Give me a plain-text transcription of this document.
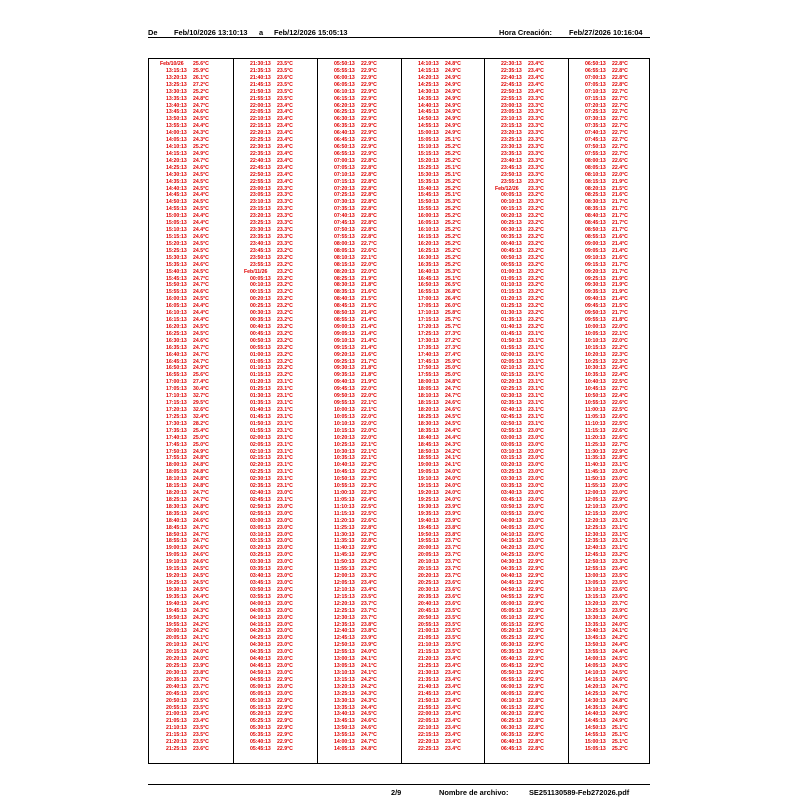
De Feb/10/2026 13:10:13 a Feb/12/2026 15:05:13	Hora Creación: Feb/27/2026 10:16:04
Feb/10/26 25.6°C
13:15:13 25.9°C
13:20:13 26.1°C
13:25:13 27.2°C
13:30:13 25.2°C
13:35:13 24.8°C
13:40:13 24.7°C
13:45:13 24.6°C
13:50:13 24.5°C
13:55:13 24.4°C
14:00:13 24.3°C
14:05:13 24.3°C
14:10:13 25.2°C
14:15:13 24.9°C
14:20:13 24.7°C
14:25:13 24.6°C
14:30:13 24.5°C
14:35:13 24.5°C
14:40:13 24.5°C
14:45:13 24.4°C
14:50:13 24.5°C
14:55:13 24.5°C
15:00:13 24.4°C
15:05:13 24.4°C
15:10:13 24.4°C
15:15:13 24.6°C
15:20:13 24.5°C
15:25:13 24.5°C
15:30:13 24.6°C
15:35:13 24.6°C
15:40:13 24.5°C
15:45:13 24.7°C
15:50:13 24.7°C
15:55:13 24.6°C
16:00:13 24.5°C
16:05:13 24.4°C
16:10:13 24.4°C
16:15:13 24.4°C
16:20:13 24.5°C
16:25:13 24.5°C
16:30:13 24.6°C
16:35:13 24.7°C
16:40:13 24.7°C
16:45:13 24.7°C
16:50:13 24.9°C
16:55:13 25.6°C
17:00:13 27.4°C
17:05:13 30.4°C
17:10:13 32.7°C
17:15:13 29.5°C
17:20:13 32.6°C
17:25:13 32.4°C
17:30:13 28.2°C
17:35:13 25.4°C
17:40:13 25.0°C
17:45:13 25.0°C
17:50:13 24.9°C
17:55:13 24.8°C
18:00:13 24.8°C
18:05:13 24.8°C
18:10:13 24.8°C
18:15:13 24.8°C
18:20:13 24.7°C
18:25:13 24.7°C
18:30:13 24.8°C
18:35:13 24.6°C
18:40:13 24.6°C
18:45:13 24.7°C
18:50:13 24.7°C
18:55:13 24.7°C
19:00:13 24.6°C
19:05:13 24.6°C
19:10:13 24.6°C
19:15:13 24.5°C
19:20:13 24.5°C
19:25:13 24.5°C
19:30:13 24.5°C
19:35:13 24.4°C
19:40:13 24.4°C
19:45:13 24.3°C
19:50:13 24.3°C
19:55:13 24.2°C
20:00:13 24.2°C
20:05:13 24.1°C
20:10:13 24.1°C
20:15:13 24.0°C
20:20:13 24.0°C
20:25:13 23.9°C
20:30:13 23.8°C
20:35:13 23.7°C
20:40:13 23.7°C
20:45:13 23.6°C
20:50:13 23.5°C
20:55:13 23.5°C
21:00:13 23.4°C
21:05:13 23.4°C
21:10:13 23.5°C
21:15:13 23.5°C
21:20:13 23.5°C
21:25:13 23.6°C
21:30:13 23.5°C
21:35:13 23.5°C
21:40:13 23.6°C
21:45:13 23.5°C
21:50:13 23.5°C
21:55:13 23.5°C
22:00:13 23.4°C
22:05:13 23.4°C
22:10:13 23.4°C
22:15:13 23.4°C
22:20:13 23.4°C
22:25:13 23.4°C
22:30:13 23.4°C
22:35:13 23.4°C
22:40:13 23.4°C
22:45:13 23.4°C
22:50:13 23.4°C
22:55:13 23.4°C
23:00:13 23.3°C
23:05:13 23.3°C
23:10:13 23.3°C
23:15:13 23.3°C
23:20:13 23.3°C
23:25:13 23.3°C
23:30:13 23.3°C
23:35:13 23.3°C
23:40:13 23.3°C
23:45:13 23.2°C
23:50:13 23.2°C
23:55:13 23.2°C
Feb/11/26 23.2°C
00:05:13 23.2°C
00:10:13 23.2°C
00:15:13 23.2°C
00:20:13 23.2°C
00:25:13 23.2°C
00:30:13 23.2°C
00:35:13 23.2°C
00:40:13 23.2°C
00:45:13 23.2°C
00:50:13 23.2°C
00:55:13 23.2°C
01:00:13 23.2°C
01:05:13 23.2°C
01:10:13 23.2°C
01:15:13 23.2°C
01:20:13 23.1°C
01:25:13 23.1°C
01:30:13 23.1°C
01:35:13 23.1°C
01:40:13 23.1°C
01:45:13 23.1°C
01:50:13 23.1°C
01:55:13 23.1°C
02:00:13 23.1°C
02:05:13 23.1°C
02:10:13 23.1°C
02:15:13 23.1°C
02:20:13 23.1°C
02:25:13 23.1°C
02:30:13 23.1°C
02:35:13 23.1°C
02:40:13 23.0°C
02:45:13 23.1°C
02:50:13 23.0°C
02:55:13 23.0°C
03:00:13 23.0°C
03:05:13 23.0°C
03:10:13 23.0°C
03:15:13 23.0°C
03:20:13 23.0°C
03:25:13 23.0°C
03:30:13 23.0°C
03:35:13 23.0°C
03:40:13 23.0°C
03:45:13 23.0°C
03:50:13 23.0°C
03:55:13 23.0°C
04:00:13 23.0°C
04:05:13 23.0°C
04:10:13 23.0°C
04:15:13 23.0°C
04:20:13 23.0°C
04:25:13 23.0°C
04:30:13 23.0°C
04:35:13 23.0°C
04:40:13 23.0°C
04:45:13 23.0°C
04:50:13 23.0°C
04:55:13 22.9°C
05:00:13 23.0°C
05:05:13 23.0°C
05:10:13 22.9°C
05:15:13 22.9°C
05:20:13 22.9°C
05:25:13 22.9°C
05:30:13 22.9°C
05:35:13 22.9°C
05:40:13 22.9°C
05:45:13 22.9°C
05:50:13 22.9°C
05:55:13 22.9°C
06:00:13 22.9°C
06:05:13 22.9°C
06:10:13 22.9°C
06:15:13 22.9°C
06:20:13 22.9°C
06:25:13 22.9°C
06:30:13 22.9°C
06:35:13 22.9°C
06:40:13 22.9°C
06:45:13 22.9°C
06:50:13 22.9°C
06:55:13 22.9°C
07:00:13 22.8°C
07:05:13 22.8°C
07:10:13 22.8°C
07:15:13 22.8°C
07:20:13 22.8°C
07:25:13 22.8°C
07:30:13 22.8°C
07:35:13 22.8°C
07:40:13 22.8°C
07:45:13 22.8°C
07:50:13 22.8°C
07:55:13 22.8°C
08:00:13 22.7°C
08:05:13 22.6°C
08:10:13 22.1°C
08:15:13 22.0°C
08:20:13 22.0°C
08:25:13 21.9°C
08:30:13 21.8°C
08:35:13 21.6°C
08:40:13 21.5°C
08:45:13 21.5°C
08:50:13 21.4°C
08:55:13 21.4°C
09:00:13 21.4°C
09:05:13 21.4°C
09:10:13 21.4°C
09:15:13 21.4°C
09:20:13 21.6°C
09:25:13 21.7°C
09:30:13 21.8°C
09:35:13 21.8°C
09:40:13 21.9°C
09:45:13 22.0°C
09:50:13 22.0°C
09:55:13 22.1°C
10:00:13 22.1°C
10:05:13 22.0°C
10:10:13 22.0°C
10:15:13 22.0°C
10:20:13 22.0°C
10:25:13 22.1°C
10:30:13 22.1°C
10:35:13 22.1°C
10:40:13 22.2°C
10:45:13 22.2°C
10:50:13 22.3°C
10:55:13 22.3°C
11:00:13 22.3°C
11:05:13 22.4°C
11:10:13 22.5°C
11:15:13 22.5°C
11:20:13 22.6°C
11:25:13 22.8°C
11:30:13 22.7°C
11:35:13 22.8°C
11:40:13 22.9°C
11:45:13 22.9°C
11:50:13 23.2°C
11:55:13 23.2°C
12:00:13 23.3°C
12:05:13 23.4°C
12:10:13 23.4°C
12:15:13 23.5°C
12:20:13 23.7°C
12:25:13 23.7°C
12:30:13 23.7°C
12:35:13 23.8°C
12:40:13 23.8°C
12:45:13 23.9°C
12:50:13 23.9°C
12:55:13 24.0°C
13:00:13 24.1°C
13:05:13 24.1°C
13:10:13 24.1°C
13:15:13 24.2°C
13:20:13 24.2°C
13:25:13 24.3°C
13:30:13 24.3°C
13:35:13 24.4°C
13:40:13 24.5°C
13:45:13 24.6°C
13:50:13 24.6°C
13:55:13 24.7°C
14:00:13 24.7°C
14:05:13 24.8°C
14:10:13 24.8°C
14:15:13 24.9°C
14:20:13 24.9°C
14:25:13 24.9°C
14:30:13 24.9°C
14:35:13 24.9°C
14:40:13 24.9°C
14:45:13 24.9°C
14:50:13 24.9°C
14:55:13 24.9°C
15:00:13 24.9°C
15:05:13 25.1°C
15:10:13 25.2°C
15:15:13 25.2°C
15:20:13 25.2°C
15:25:13 25.1°C
15:30:13 25.1°C
15:35:13 25.2°C
15:40:13 25.2°C
15:45:13 25.1°C
15:50:13 25.3°C
15:55:13 25.2°C
16:00:13 25.2°C
16:05:13 25.2°C
16:10:13 25.2°C
16:15:13 25.2°C
16:20:13 25.2°C
16:25:13 25.2°C
16:30:13 25.2°C
16:35:13 25.2°C
16:40:13 25.3°C
16:45:13 25.1°C
16:50:13 26.5°C
16:55:13 26.8°C
17:00:13 26.4°C
17:05:13 26.0°C
17:10:13 25.8°C
17:15:13 25.7°C
17:20:13 25.7°C
17:25:13 27.3°C
17:30:13 27.2°C
17:35:13 27.3°C
17:40:13 27.4°C
17:45:13 25.9°C
17:50:13 25.0°C
17:55:13 25.0°C
18:00:13 24.8°C
18:05:13 24.7°C
18:10:13 24.7°C
18:15:13 24.6°C
18:20:13 24.6°C
18:25:13 24.5°C
18:30:13 24.5°C
18:35:13 24.4°C
18:40:13 24.4°C
18:45:13 24.3°C
18:50:13 24.2°C
18:55:13 24.1°C
19:00:13 24.1°C
19:05:13 24.0°C
19:10:13 24.0°C
19:15:13 24.0°C
19:20:13 24.0°C
19:25:13 24.0°C
19:30:13 23.9°C
19:35:13 23.9°C
19:40:13 23.9°C
19:45:13 23.8°C
19:50:13 23.8°C
19:55:13 23.7°C
20:00:13 23.7°C
20:05:13 23.7°C
20:10:13 23.7°C
20:15:13 23.7°C
20:20:13 23.7°C
20:25:13 23.6°C
20:30:13 23.6°C
20:35:13 23.6°C
20:40:13 23.6°C
20:45:13 23.5°C
20:50:13 23.5°C
20:55:13 23.5°C
21:00:13 23.5°C
21:05:13 23.5°C
21:10:13 23.5°C
21:15:13 23.5°C
21:20:13 23.4°C
21:25:13 23.4°C
21:30:13 23.4°C
21:35:13 23.4°C
21:40:13 23.4°C
21:45:13 23.4°C
21:50:13 23.4°C
21:55:13 23.4°C
22:00:13 23.4°C
22:05:13 23.4°C
22:10:13 23.4°C
22:15:13 23.4°C
22:20:13 23.4°C
22:25:13 23.4°C
22:30:13 23.4°C
22:35:13 23.4°C
22:40:13 23.4°C
22:45:13 23.4°C
22:50:13 23.4°C
22:55:13 23.3°C
23:00:13 23.3°C
23:05:13 23.3°C
23:10:13 23.3°C
23:15:13 23.3°C
23:20:13 23.3°C
23:25:13 23.3°C
23:30:13 23.3°C
23:35:13 23.3°C
23:40:13 23.3°C
23:45:13 23.3°C
23:50:13 23.3°C
23:55:13 23.3°C
Feb/12/26 23.3°C
00:05:13 23.2°C
00:10:13 23.3°C
00:15:13 23.2°C
00:20:13 23.2°C
00:25:13 23.2°C
00:30:13 23.2°C
00:35:13 23.2°C
00:40:13 23.2°C
00:45:13 23.2°C
00:50:13 23.2°C
00:55:13 23.2°C
01:00:13 23.2°C
01:05:13 23.2°C
01:10:13 23.2°C
01:15:13 23.2°C
01:20:13 23.2°C
01:25:13 23.2°C
01:30:13 23.2°C
01:35:13 23.2°C
01:40:13 23.2°C
01:45:13 23.1°C
01:50:13 23.1°C
01:55:13 23.1°C
02:00:13 23.1°C
02:05:13 23.1°C
02:10:13 23.1°C
02:15:13 23.1°C
02:20:13 23.1°C
02:25:13 23.1°C
02:30:13 23.1°C
02:35:13 23.1°C
02:40:13 23.1°C
02:45:13 23.1°C
02:50:13 23.1°C
02:55:13 23.0°C
03:00:13 23.0°C
03:05:13 23.0°C
03:10:13 23.0°C
03:15:13 23.0°C
03:20:13 23.0°C
03:25:13 23.0°C
03:30:13 23.0°C
03:35:13 23.0°C
03:40:13 23.0°C
03:45:13 23.0°C
03:50:13 23.0°C
03:55:13 23.0°C
04:00:13 23.0°C
04:05:13 23.0°C
04:10:13 23.0°C
04:15:13 23.0°C
04:20:13 23.0°C
04:25:13 23.0°C
04:30:13 22.9°C
04:35:13 22.9°C
04:40:13 22.9°C
04:45:13 22.9°C
04:50:13 22.9°C
04:55:13 22.9°C
05:00:13 22.9°C
05:05:13 22.9°C
05:10:13 22.9°C
05:15:13 22.9°C
05:20:13 22.9°C
05:25:13 22.9°C
05:30:13 22.9°C
05:35:13 22.9°C
05:40:13 22.9°C
05:45:13 22.9°C
05:50:13 22.9°C
05:55:13 22.9°C
06:00:13 22.9°C
06:05:13 22.8°C
06:10:13 22.8°C
06:15:13 22.8°C
06:20:13 22.8°C
06:25:13 22.8°C
06:30:13 22.8°C
06:35:13 22.8°C
06:40:13 22.8°C
06:45:13 22.8°C
06:50:13 22.8°C
06:55:13 22.8°C
07:00:13 22.8°C
07:05:13 22.8°C
07:10:13 22.7°C
07:15:13 22.7°C
07:20:13 22.7°C
07:25:13 22.7°C
07:30:13 22.7°C
07:35:13 22.7°C
07:40:13 22.7°C
07:45:13 22.7°C
07:50:13 22.7°C
07:55:13 22.7°C
08:00:13 22.6°C
08:05:13 22.4°C
08:10:13 22.0°C
08:15:13 21.9°C
08:20:13 21.5°C
08:25:13 21.6°C
08:30:13 21.7°C
08:35:13 21.7°C
08:40:13 21.7°C
08:45:13 21.7°C
08:50:13 21.7°C
08:55:13 21.6°C
09:00:13 21.4°C
09:05:13 21.4°C
09:10:13 21.6°C
09:15:13 21.7°C
09:20:13 21.7°C
09:25:13 21.9°C
09:30:13 21.9°C
09:35:13 21.9°C
09:40:13 21.4°C
09:45:13 21.5°C
09:50:13 21.7°C
09:55:13 21.8°C
10:00:13 22.0°C
10:05:13 22.1°C
10:10:13 22.0°C
10:15:13 22.2°C
10:20:13 22.3°C
10:25:13 22.3°C
10:30:13 22.4°C
10:35:13 22.4°C
10:40:13 22.5°C
10:45:13 22.7°C
10:50:13 22.4°C
10:55:13 22.6°C
11:00:13 22.5°C
11:05:13 22.6°C
11:10:13 22.5°C
11:15:13 22.6°C
11:20:13 22.6°C
11:25:13 22.7°C
11:30:13 22.9°C
11:35:13 22.8°C
11:40:13 23.1°C
11:45:13 23.0°C
11:50:13 23.0°C
11:55:13 23.0°C
12:00:13 23.0°C
12:05:13 22.9°C
12:10:13 23.0°C
12:15:13 23.0°C
12:20:13 23.1°C
12:25:13 23.1°C
12:30:13 23.1°C
12:35:13 23.1°C
12:40:13 23.1°C
12:45:13 23.2°C
12:50:13 23.3°C
12:55:13 23.4°C
13:00:13 23.5°C
13:05:13 23.5°C
13:10:13 23.6°C
13:15:13 23.6°C
13:20:13 23.7°C
13:25:13 23.9°C
13:30:13 24.0°C
13:35:13 24.0°C
13:40:13 24.1°C
13:45:13 24.2°C
13:50:13 24.4°C
13:55:13 24.4°C
14:00:13 24.5°C
14:05:13 24.5°C
14:10:13 24.5°C
14:15:13 24.6°C
14:20:13 24.7°C
14:25:13 24.7°C
14:30:13 24.8°C
14:35:13 24.8°C
14:40:13 24.9°C
14:45:13 24.9°C
14:50:13 25.1°C
14:55:13 25.1°C
15:00:13 25.1°C
15:05:13 25.2°C
2/9	Nombre de archivo:	SE251130589-Feb272026.pdf
